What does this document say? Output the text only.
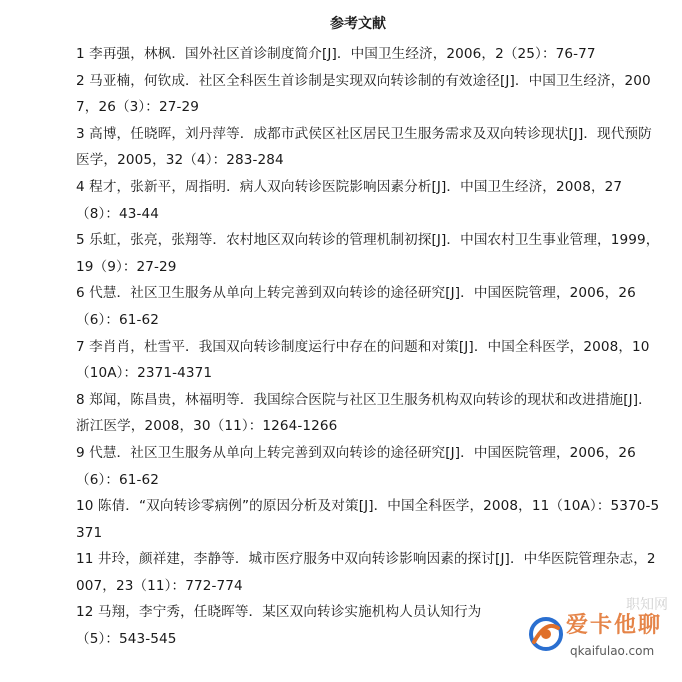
参考文献

1 李再强，林枫．国外社区首诊制度简介[J]．中国卫生经济，2006，2（25）：76-77

2 马亚楠，何钦成．社区全科医生首诊制是实现双向转诊制的有效途径[J]．中国卫生经济，2007，26（3）：27-29

3 高博，任晓晖，刘丹萍等．成都市武侯区社区居民卫生服务需求及双向转诊现状[J]．现代预防医学，2005，32（4）：283-284

4 程才，张新平，周指明．病人双向转诊医院影响因素分析[J]．中国卫生经济，2008，27（8）：43-44

5 乐虹，张亮，张翔等．农村地区双向转诊的管理机制初探[J]．中国农村卫生事业管理，1999，19（9）：27-29

6 代慧．社区卫生服务从单向上转完善到双向转诊的途径研究[J]．中国医院管理，2006，26（6）：61-62

7 李肖肖，杜雪平．我国双向转诊制度运行中存在的问题和对策[J]．中国全科医学，2008，10（10A）：2371-4371

8 郑闻，陈昌贵，林福明等．我国综合医院与社区卫生服务机构双向转诊的现状和改进措施[J]．浙江医学，2008，30（11）：1264-1266

9 代慧．社区卫生服务从单向上转完善到双向转诊的途径研究[J]．中国医院管理，2006，26（6）：61-62

10 陈倩．“双向转诊零病例”的原因分析及对策[J]．中国全科医学，2008，11（10A）：5370-5371

11 井玲，颜祥建，李静等．城市医疗服务中双向转诊影响因素的探讨[J]．中华医院管理杂志，2007，23（11）：772-774

12 马翔，李宁秀，任晓晖等．某区双向转诊实施机构人员认知行为

（5）：543-545

职知网
爱卡他聊
qkaifulao.com
